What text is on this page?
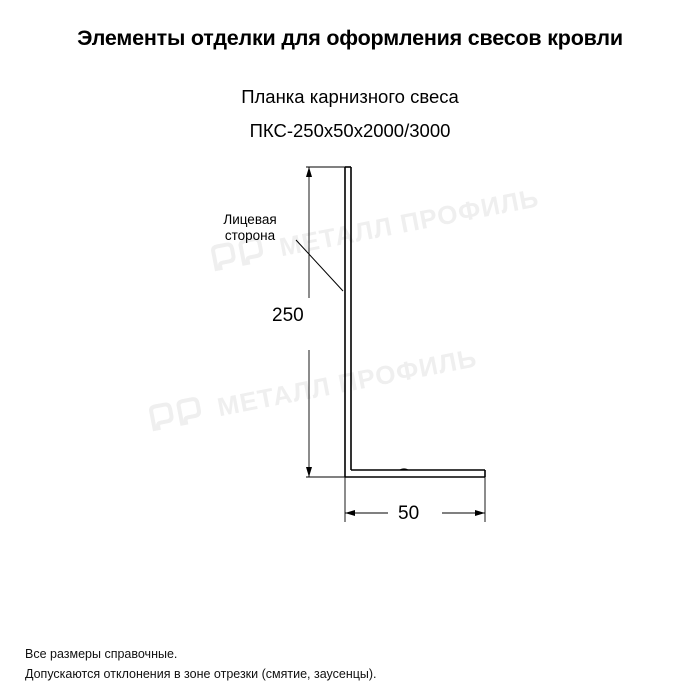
Элементы отделки для оформления свесов кровли
Планка карнизного свеса
ПКС-250х50х2000/3000
МЕТАЛЛ ПРОФИЛЬ
МЕТАЛЛ ПРОФИЛЬ
Лицевая
сторона
250
50
Все размеры справочные.
Допускаются отклонения в зоне отрезки (смятие, заусенцы).
